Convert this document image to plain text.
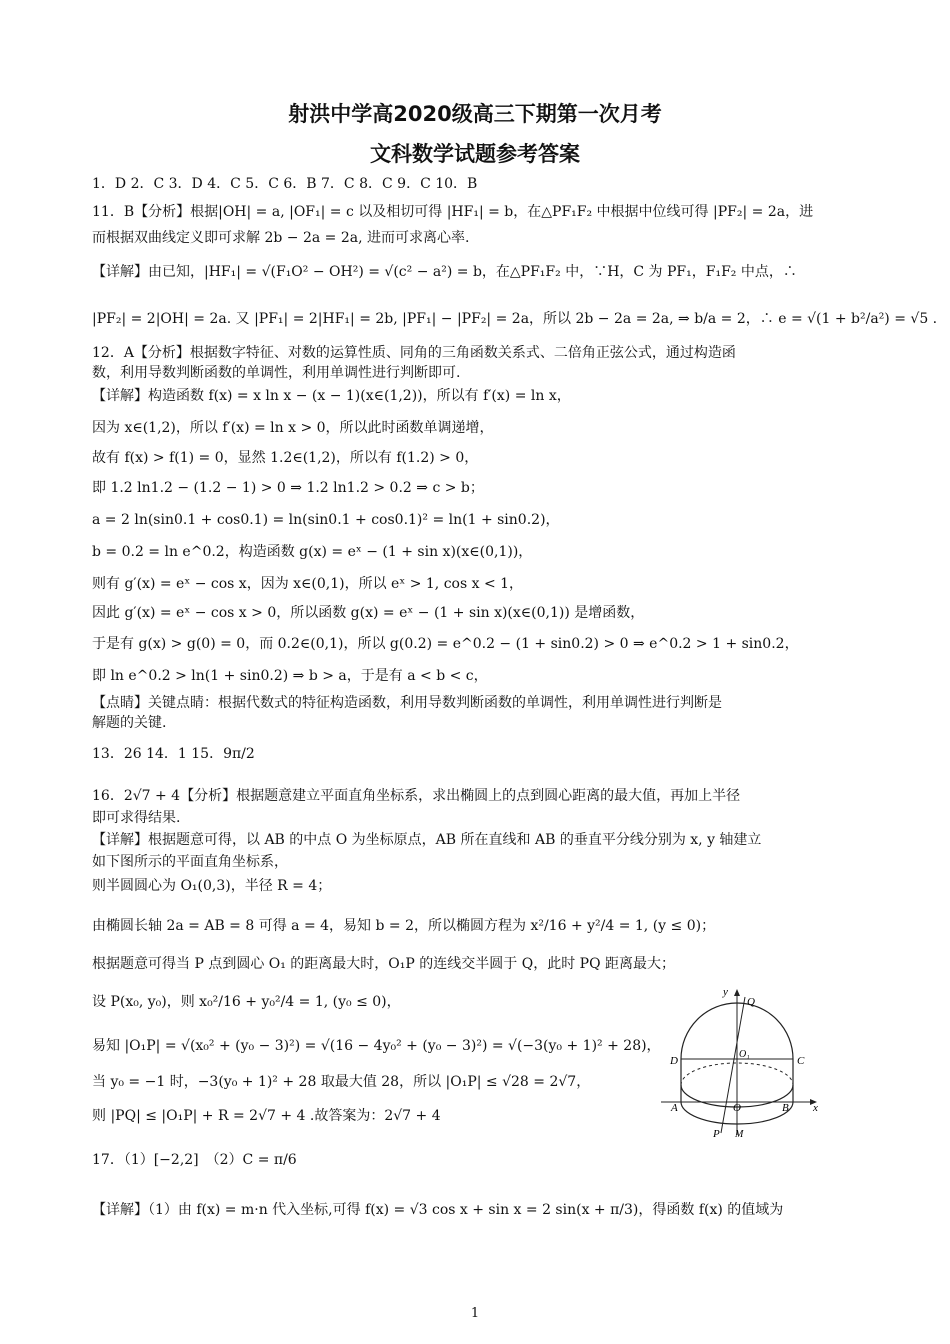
射洪中学高2020级高三下期第一次月考
文科数学试题参考答案
1．D 2．C 3．D 4．C 5．C 6．B 7．C 8．C 9．C 10．B
11．B【分析】根据|OH| = a, |OF₁| = c 以及相切可得 |HF₁| = b，在△PF₁F₂ 中根据中位线可得 |PF₂| = 2a，进
而根据双曲线定义即可求解 2b − 2a = 2a, 进而可求离心率.
【详解】由已知，|HF₁| = √(F₁O² − OH²) = √(c² − a²) = b，在△PF₁F₂ 中，∵H，C 为 PF₁，F₁F₂ 中点，∴
|PF₂| = 2|OH| = 2a. 又 |PF₁| = 2|HF₁| = 2b, |PF₁| − |PF₂| = 2a，所以 2b − 2a = 2a, ⇒ b/a = 2，∴ e = √(1 + b²/a²) = √5 .
12．A【分析】根据数字特征、对数的运算性质、同角的三角函数关系式、二倍角正弦公式，通过构造函
数，利用导数判断函数的单调性，利用单调性进行判断即可.
【详解】构造函数 f(x) = x ln x − (x − 1)(x∈(1,2))，所以有 f′(x) = ln x，
因为 x∈(1,2)，所以 f′(x) = ln x > 0，所以此时函数单调递增，
故有 f(x) > f(1) = 0，显然 1.2∈(1,2)，所以有 f(1.2) > 0，
即 1.2 ln1.2 − (1.2 − 1) > 0 ⇒ 1.2 ln1.2 > 0.2 ⇒ c > b；
a = 2 ln(sin0.1 + cos0.1) = ln(sin0.1 + cos0.1)² = ln(1 + sin0.2)，
b = 0.2 = ln e^0.2，构造函数 g(x) = eˣ − (1 + sin x)(x∈(0,1))，
则有 g′(x) = eˣ − cos x，因为 x∈(0,1)，所以 eˣ > 1, cos x < 1，
因此 g′(x) = eˣ − cos x > 0，所以函数 g(x) = eˣ − (1 + sin x)(x∈(0,1)) 是增函数，
于是有 g(x) > g(0) = 0，而 0.2∈(0,1)，所以 g(0.2) = e^0.2 − (1 + sin0.2) > 0 ⇒ e^0.2 > 1 + sin0.2，
即 ln e^0.2 > ln(1 + sin0.2) ⇒ b > a，于是有 a < b < c，
【点睛】关键点睛：根据代数式的特征构造函数，利用导数判断函数的单调性，利用单调性进行判断是
解题的关键.
13．26 14．1 15．9π/2
16．2√7 + 4【分析】根据题意建立平面直角坐标系，求出椭圆上的点到圆心距离的最大值，再加上半径
即可求得结果.
【详解】根据题意可得，以 AB 的中点 O 为坐标原点，AB 所在直线和 AB 的垂直平分线分别为 x, y 轴建立
如下图所示的平面直角坐标系，
则半圆圆心为 O₁(0,3)，半径 R = 4；
由椭圆长轴 2a = AB = 8 可得 a = 4，易知 b = 2，所以椭圆方程为 x²/16 + y²/4 = 1, (y ≤ 0)；
根据题意可得当 P 点到圆心 O₁ 的距离最大时，O₁P 的连线交半圆于 Q，此时 PQ 距离最大；
设 P(x₀, y₀)，则 x₀²/16 + y₀²/4 = 1, (y₀ ≤ 0)，
易知 |O₁P| = √(x₀² + (y₀ − 3)²) = √(16 − 4y₀² + (y₀ − 3)²) = √(−3(y₀ + 1)² + 28)，
当 y₀ = −1 时，−3(y₀ + 1)² + 28 取最大值 28，所以 |O₁P| ≤ √28 = 2√7，
则 |PQ| ≤ |O₁P| + R = 2√7 + 4 .故答案为：2√7 + 4
17．（1）[−2,2]　（2）C = π/6
【详解】（1）由 f(x) = m·n 代入坐标,可得 f(x) = √3 cos x + sin x = 2 sin(x + π/3)，得函数 f(x) 的值域为
y
Q
D
O₁
C
A	O	B x
P M
1
